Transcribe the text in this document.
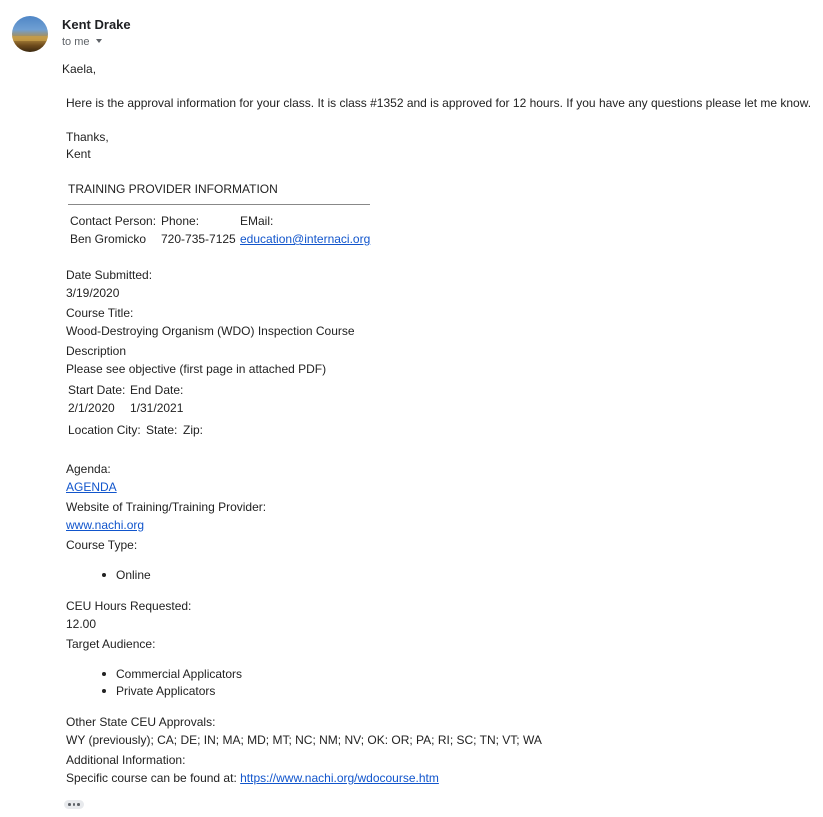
Kent Drake
to me
Kaela,
Here is the approval information for your class. It is class #1352 and is approved for 12 hours. If you have any questions please let me know.
Thanks,
Kent
TRAINING PROVIDER INFORMATION
Contact Person: Phone:	EMail:
Ben Gromicko 720-735-7125 education@internaci.org
Date Submitted:
3/19/2020
Course Title:
Wood-Destroying Organism (WDO) Inspection Course
Description
Please see objective (first page in attached PDF)
Start Date: End Date:
2/1/2020 1/31/2021
Location City: State: Zip:
Agenda:
AGENDA
Website of Training/Training Provider:
www.nachi.org
Course Type:
Online
CEU Hours Requested:
12.00
Target Audience:
Commercial Applicators
Private Applicators
Other State CEU Approvals:
WY (previously); CA; DE; IN; MA; MD; MT; NC; NM; NV; OK: OR; PA; RI; SC; TN; VT; WA
Additional Information:
Specific course can be found at: https://www.nachi.org/wdocourse.htm
